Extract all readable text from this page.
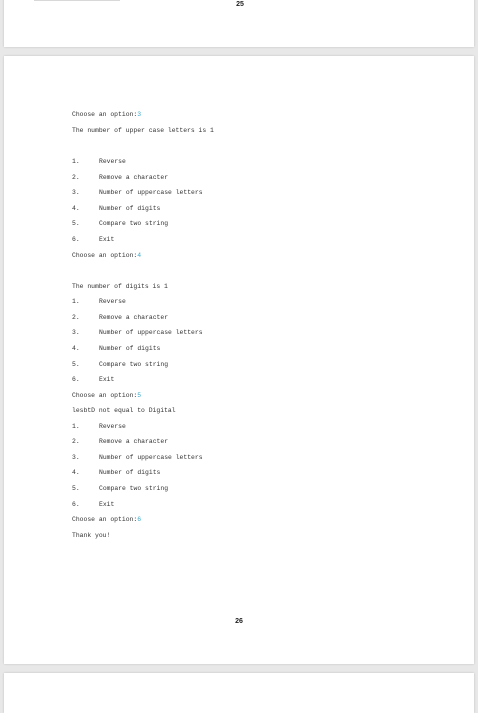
25
Choose an option:3
The number of upper case letters is 1
1.	Reverse
2.	Remove a character
3.	Number of uppercase letters
4.	Number of digits
5.	Compare two string
6.	Exit
Choose an option:4
The number of digits is 1
1.	Reverse
2.	Remove a character
3.	Number of uppercase letters
4.	Number of digits
5.	Compare two string
6.	Exit
Choose an option:5
lesbtD not equal to Digital
1.	Reverse
2.	Remove a character
3.	Number of uppercase letters
4.	Number of digits
5.	Compare two string
6.	Exit
Choose an option:6
Thank you!
26
